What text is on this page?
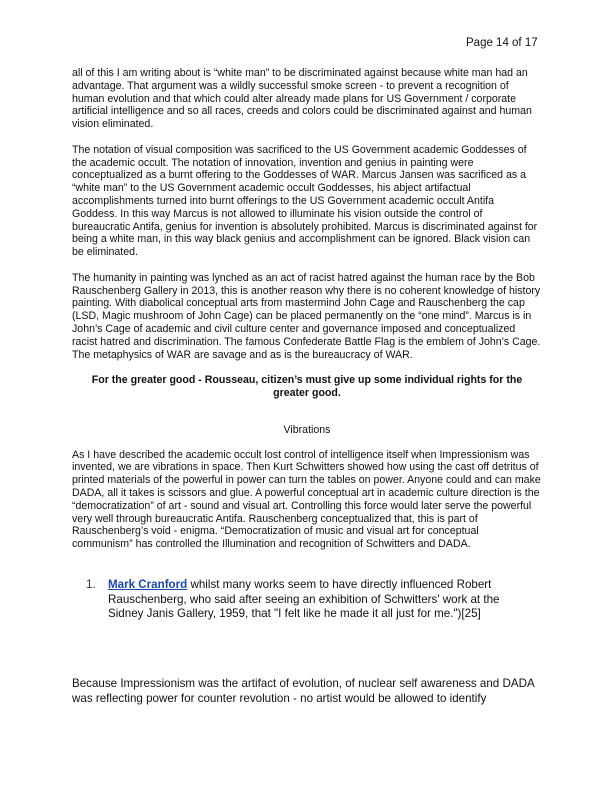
Page 14 of 17

all of this I am writing about is “white man” to be discriminated against because white man had an advantage. That argument was a wildly successful smoke screen - to prevent a recognition of human evolution and that which could alter already made plans for US Government / corporate artificial intelligence and so all races, creeds and colors could be discriminated against and human vision eliminated.

The notation of visual composition was sacrificed to the US Government academic Goddesses of the academic occult. The notation of innovation, invention and genius in painting were conceptualized as a burnt offering to the Goddesses of WAR. Marcus Jansen was sacrificed as a “white man” to the US Government academic occult Goddesses, his abject artifactual accomplishments turned into burnt offerings to the US Government academic occult Antifa Goddess. In this way Marcus is not allowed to illuminate his vision outside the control of bureaucratic Antifa, genius for invention is absolutely prohibited. Marcus is discriminated against for being a white man, in this way black genius and accomplishment can be ignored. Black vision can be eliminated.

The humanity in painting was lynched as an act of racist hatred against the human race by the Bob Rauschenberg Gallery in 2013, this is another reason why there is no coherent knowledge of history painting. With diabolical conceptual arts from mastermind John Cage and Rauschenberg the cap (LSD, Magic mushroom of John Cage) can be placed permanently on the “one mind”. Marcus is in John’s Cage of academic and civil culture center and governance imposed and conceptualized racist hatred and discrimination. The famous Confederate Battle Flag is the emblem of John’s Cage. The metaphysics of WAR are savage and as is the bureaucracy of WAR.

For the greater good - Rousseau, citizen’s must give up some individual rights for the greater good.

Vibrations

As I have described the academic occult lost control of intelligence itself when Impressionism was invented, we are vibrations in space. Then Kurt Schwitters showed how using the cast off detritus of printed materials of the powerful in power can turn the tables on power. Anyone could and can make DADA, all it takes is scissors and glue. A powerful conceptual art in academic culture direction is the “democratization” of art - sound and visual art. Controlling this force would later serve the powerful very well through bureaucratic Antifa. Rauschenberg conceptualized that, this is part of Rauschenberg’s void - enigma. “Democratization of music and visual art for conceptual communism” has controlled the Illumination and recognition of Schwitters and DADA.

1.	Mark Cranford whilst many works seem to have directly influenced Robert Rauschenberg, who said after seeing an exhibition of Schwitters' work at the Sidney Janis Gallery, 1959, that "I felt like he made it all just for me.")[25]
Because Impressionism was the artifact of evolution, of nuclear self awareness and DADA was reflecting power for counter revolution - no artist would be allowed to identify
